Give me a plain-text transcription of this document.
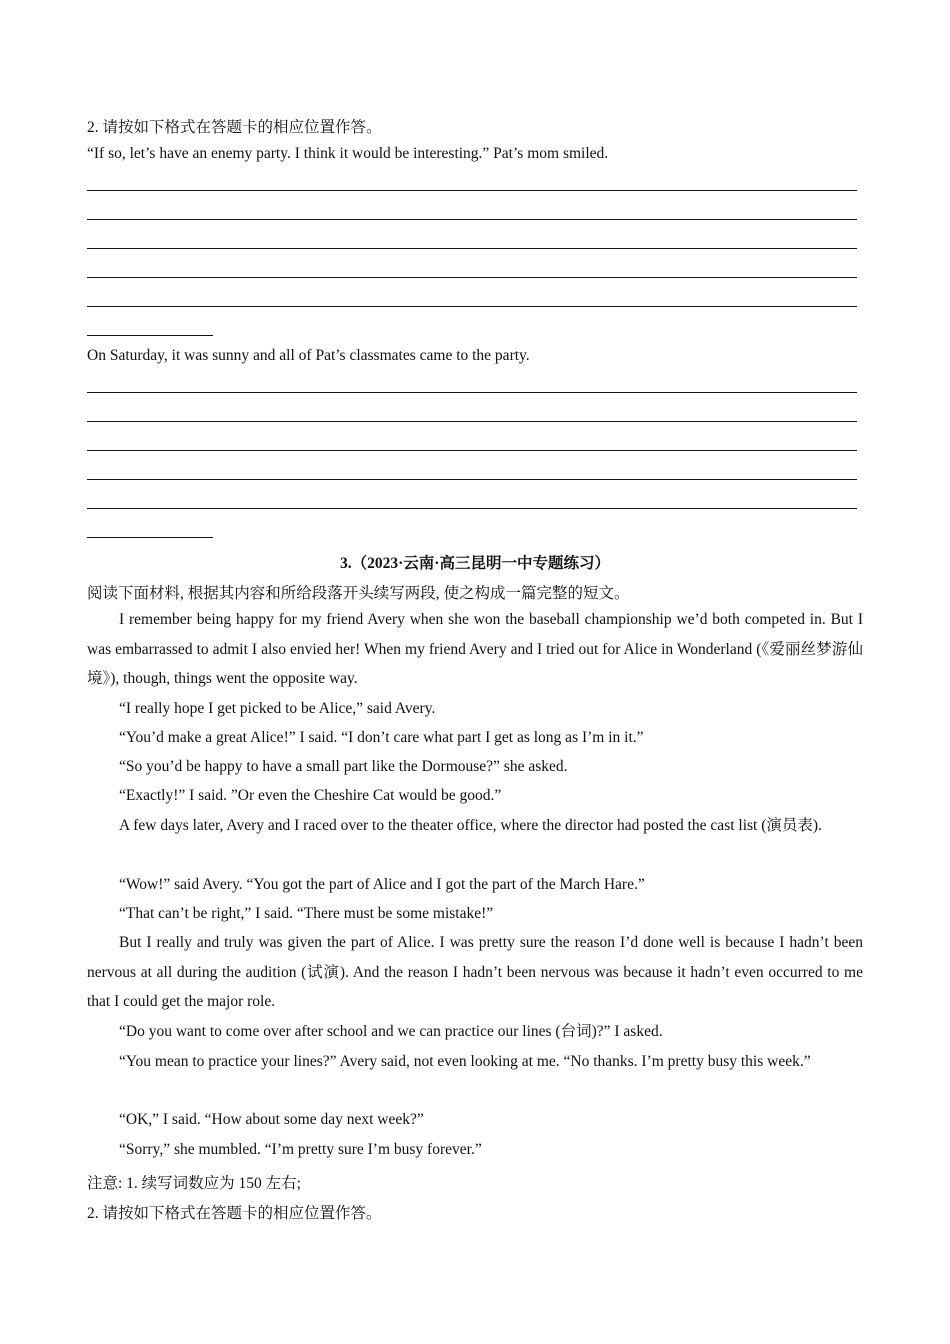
2. 请按如下格式在答题卡的相应位置作答。
“If so, let’s have an enemy party. I think it would be interesting.” Pat’s mom smiled.
On Saturday, it was sunny and all of Pat’s classmates came to the party.
3.（2023·云南·高三昆明一中专题练习）
阅读下面材料, 根据其内容和所给段落开头续写两段, 使之构成一篇完整的短文。
I remember being happy for my friend Avery when she won the baseball championship we’d both competed in. But I was embarrassed to admit I also envied her! When my friend Avery and I tried out for Alice in Wonderland (《爱丽丝梦游仙境》), though, things went the opposite way.
“I really hope I get picked to be Alice,” said Avery.
“You’d make a great Alice!” I said. “I don’t care what part I get as long as I’m in it.”
“So you’d be happy to have a small part like the Dormouse?” she asked.
“Exactly!” I said. ”Or even the Cheshire Cat would be good.”
A few days later, Avery and I raced over to the theater office, where the director had posted the cast list (演员表).
“Wow!” said Avery. “You got the part of Alice and I got the part of the March Hare.”
“That can’t be right,” I said. “There must be some mistake!”
But I really and truly was given the part of Alice. I was pretty sure the reason I’d done well is because I hadn’t been nervous at all during the audition (试演). And the reason I hadn’t been nervous was because it hadn’t even occurred to me that I could get the major role.
“Do you want to come over after school and we can practice our lines (台词)?” I asked.
“You mean to practice your lines?” Avery said, not even looking at me. “No thanks. I’m pretty busy this week.”
“OK,” I said. “How about some day next week?”
“Sorry,” she mumbled. “I’m pretty sure I’m busy forever.”
注意: 1. 续写词数应为 150 左右;
2. 请按如下格式在答题卡的相应位置作答。
